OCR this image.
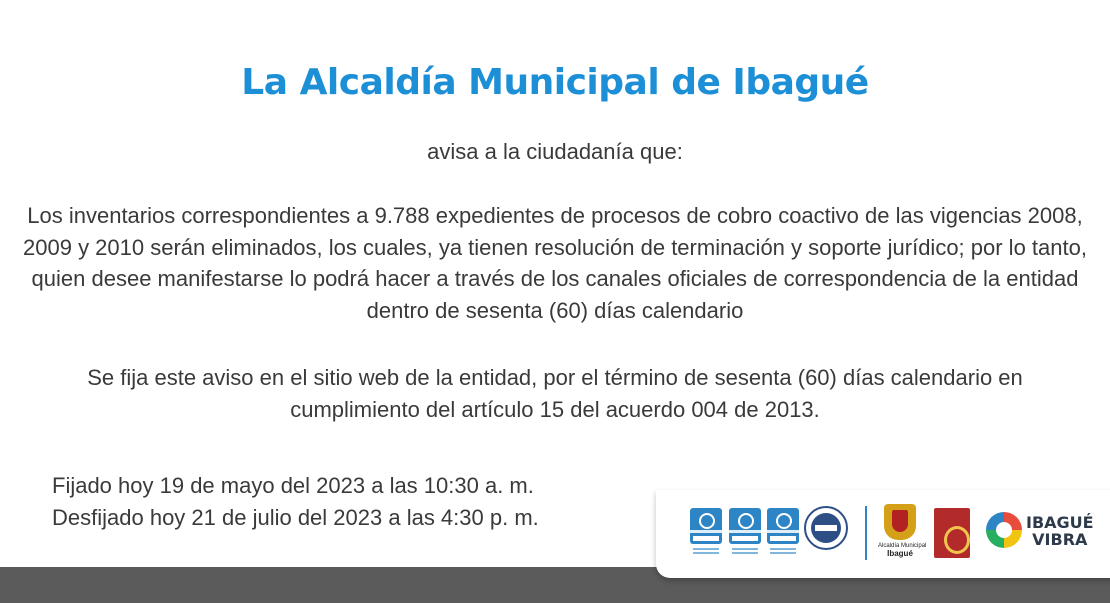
La Alcaldía Municipal de Ibagué
avisa a la ciudadanía que:

Los inventarios correspondientes a 9.788 expedientes de procesos de cobro coactivo de las vigencias 2008, 2009 y 2010 serán eliminados, los cuales, ya tienen resolución de terminación y soporte jurídico; por lo tanto, quien desee manifestarse lo podrá hacer a través de los canales oficiales de correspondencia de la entidad dentro de sesenta (60) días calendario

Se fija este aviso en el sitio web de la entidad, por el término de sesenta (60) días calendario en cumplimiento del artículo 15 del acuerdo 004 de 2013.

Fijado hoy 19 de mayo del 2023 a las 10:30 a. m.
Desfijado hoy 21 de julio del 2023 a las 4:30 p. m.
Alcaldía Municipal
Ibagué
IBAGUÉ
VIBRA
